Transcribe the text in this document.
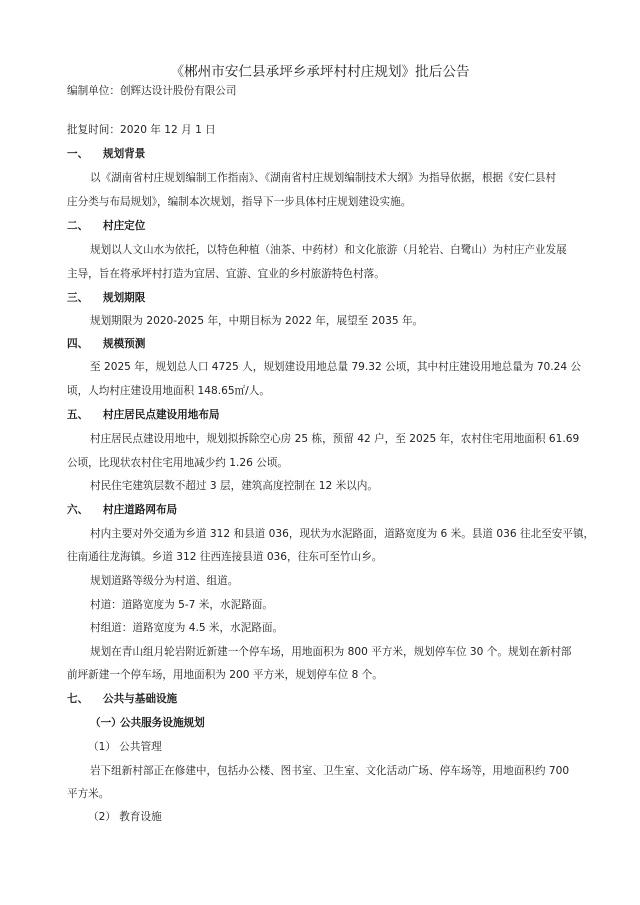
《郴州市安仁县承坪乡承坪村村庄规划》批后公告
编制单位：创辉达设计股份有限公司
批复时间：2020 年 12 月 1 日
一、 规划背景
以《湖南省村庄规划编制工作指南》、《湖南省村庄规划编制技术大纲》为指导依据，根据《安仁县村
庄分类与布局规划》，编制本次规划，指导下一步具体村庄规划建设实施。
二、 村庄定位
规划以人文山水为依托，以特色种植（油茶、中药材）和文化旅游（月轮岩、白鹭山）为村庄产业发展
主导，旨在将承坪村打造为宜居、宜游、宜业的乡村旅游特色村落。
三、 规划期限
规划期限为 2020-2025 年，中期目标为 2022 年，展望至 2035 年。
四、 规模预测
至 2025 年，规划总人口 4725 人，规划建设用地总量 79.32 公顷，其中村庄建设用地总量为 70.24 公
顷，人均村庄建设用地面积 148.65㎡/人。
五、 村庄居民点建设用地布局
村庄居民点建设用地中，规划拟拆除空心房 25 栋，预留 42 户，至 2025 年，农村住宅用地面积 61.69
公顷，比现状农村住宅用地减少约 1.26 公顷。
村民住宅建筑层数不超过 3 层，建筑高度控制在 12 米以内。
六、 村庄道路网布局
村内主要对外交通为乡道 312 和县道 036，现状为水泥路面，道路宽度为 6 米。县道 036 往北至安平镇，
往南通往龙海镇。乡道 312 往西连接县道 036，往东可至竹山乡。
规划道路等级分为村道、组道。
村道：道路宽度为 5-7 米，水泥路面。
村组道：道路宽度为 4.5 米，水泥路面。
规划在青山组月轮岩附近新建一个停车场，用地面积为 800 平方米，规划停车位 30 个。规划在新村部
前坪新建一个停车场，用地面积为 200 平方米，规划停车位 8 个。
七、 公共与基础设施
（一）公共服务设施规划
（1） 公共管理
岩下组新村部正在修建中，包括办公楼、图书室、卫生室、文化活动广场、停车场等，用地面积约 700
平方米。
（2） 教育设施
